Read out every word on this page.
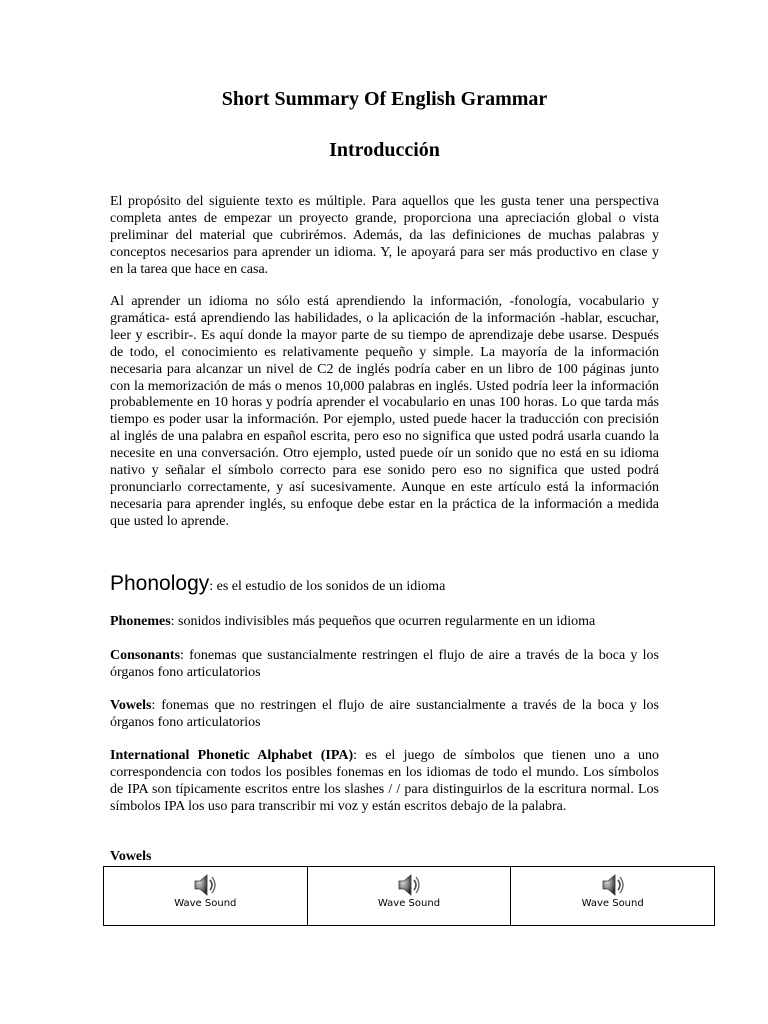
Short Summary Of English Grammar
Introducción

El propósito del siguiente texto es múltiple. Para aquellos que les gusta tener una perspectiva completa antes de empezar un proyecto grande, proporciona una apreciación global o vista preliminar del material que cubrirémos. Además, da las definiciones de muchas palabras y conceptos necesarios para aprender un idioma. Y, le apoyará para ser más productivo en clase y en la tarea que hace en casa.

Al aprender un idioma no sólo está aprendiendo la información, -fonología, vocabulario y gramática- está aprendiendo las habilidades, o la aplicación de la información -hablar, escuchar, leer y escribir-. Es aquí donde la mayor parte de su tiempo de aprendizaje debe usarse. Después de todo, el conocimiento es relativamente pequeño y simple. La mayoría de la información necesaria para alcanzar un nivel de C2 de inglés podría caber en un libro de 100 páginas junto con la memorización de más o menos 10,000 palabras en inglés. Usted podría leer la información probablemente en 10 horas y podría aprender el vocabulario en unas 100 horas. Lo que tarda más tiempo es poder usar la información. Por ejemplo, usted puede hacer la traducción con precisión al inglés de una palabra en español escrita, pero eso no significa que usted podrá usarla cuando la necesite en una conversación. Otro ejemplo, usted puede oír un sonido que no está en su idioma nativo y señalar el símbolo correcto para ese sonido pero eso no significa que usted podrá pronunciarlo correctamente, y así sucesivamente. Aunque en este artículo está la información necesaria para aprender inglés, su enfoque debe estar en la práctica de la información a medida que usted lo aprende.

Phonology: es el estudio de los sonidos de un idioma

Phonemes: sonidos indivisibles más pequeños que ocurren regularmente en un idioma

Consonants: fonemas que sustancialmente restringen el flujo de aire a través de la boca y los órganos fono articulatorios

Vowels: fonemas que no restringen el flujo de aire sustancialmente a través de la boca y los órganos fono articulatorios

International Phonetic Alphabet (IPA): es el juego de símbolos que tienen uno a uno correspondencia con todos los posibles fonemas en los idiomas de todo el mundo. Los símbolos de IPA son típicamente escritos entre los slashes / / para distinguirlos de la escritura normal. Los símbolos IPA los uso para transcribir mi voz y están escritos debajo de la palabra.

Vowels
Wave Sound	Wave Sound	Wave Sound
